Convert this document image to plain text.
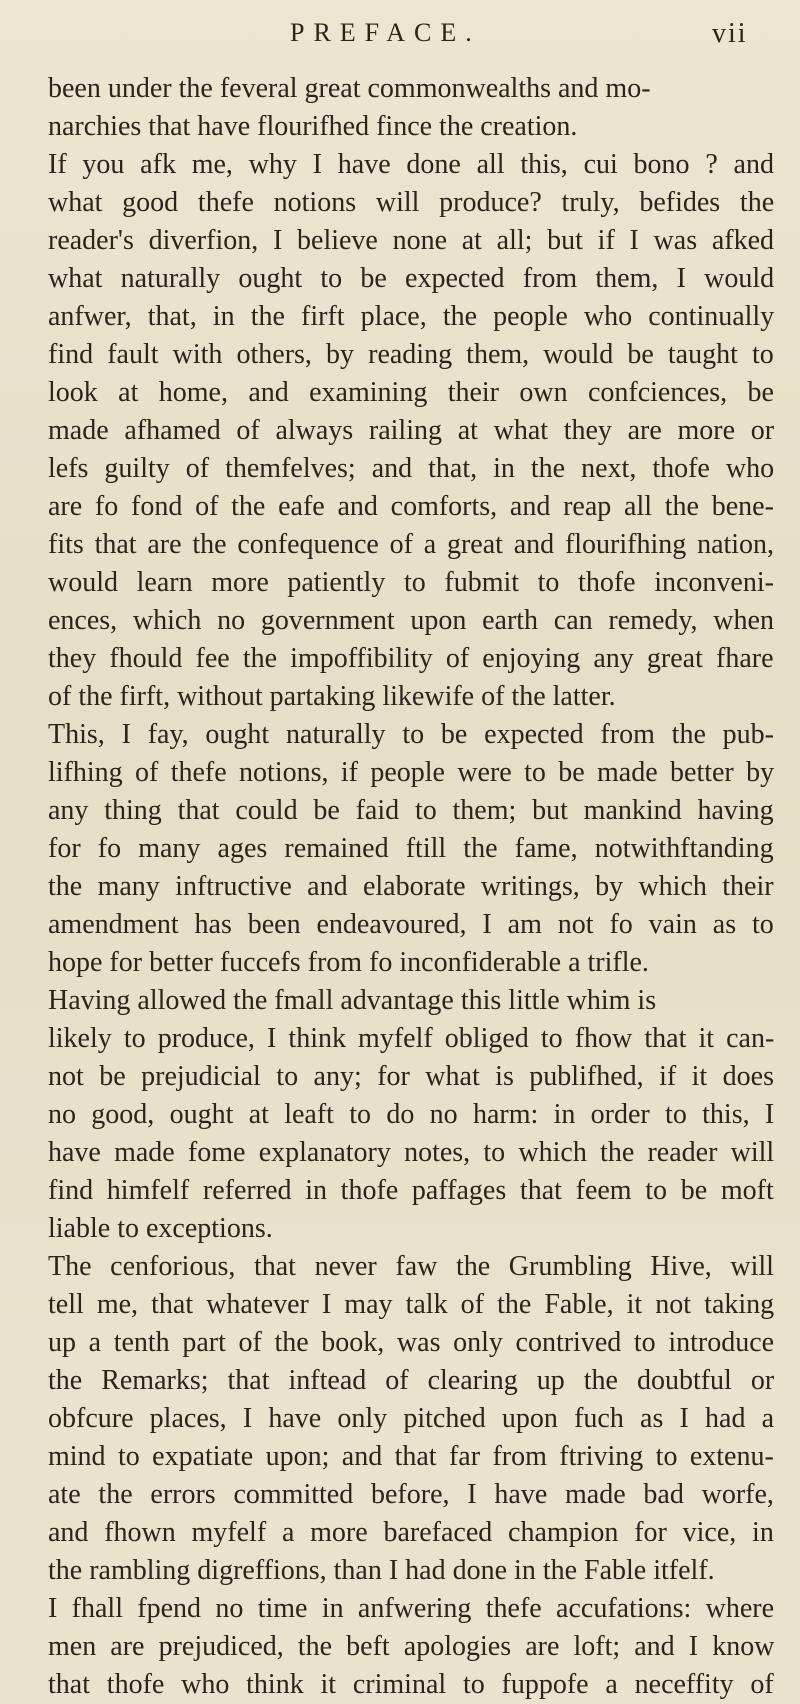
PREFACE.	vii
been under the feveral great commonwealths and mo-
narchies that have flourifhed fince the creation.
If you afk me, why I have done all this, cui bono ? and
what good thefe notions will produce? truly, befides the
reader's diverfion, I believe none at all; but if I was afked
what naturally ought to be expected from them, I would
anfwer, that, in the firft place, the people who continually
find fault with others, by reading them, would be taught to
look at home, and examining their own confciences, be
made afhamed of always railing at what they are more or
lefs guilty of themfelves; and that, in the next, thofe who
are fo fond of the eafe and comforts, and reap all the bene-
fits that are the confequence of a great and flourifhing nation,
would learn more patiently to fubmit to thofe inconveni-
ences, which no government upon earth can remedy, when
they fhould fee the impoffibility of enjoying any great fhare
of the firft, without partaking likewife of the latter.
This, I fay, ought naturally to be expected from the pub-
lifhing of thefe notions, if people were to be made better by
any thing that could be faid to them; but mankind having
for fo many ages remained ftill the fame, notwithftanding
the many inftructive and elaborate writings, by which their
amendment has been endeavoured, I am not fo vain as to
hope for better fuccefs from fo inconfiderable a trifle.
Having allowed the fmall advantage this little whim is
likely to produce, I think myfelf obliged to fhow that it can-
not be prejudicial to any; for what is publifhed, if it does
no good, ought at leaft to do no harm: in order to this, I
have made fome explanatory notes, to which the reader will
find himfelf referred in thofe paffages that feem to be moft
liable to exceptions.
The cenforious, that never faw the Grumbling Hive, will
tell me, that whatever I may talk of the Fable, it not taking
up a tenth part of the book, was only contrived to introduce
the Remarks; that inftead of clearing up the doubtful or
obfcure places, I have only pitched upon fuch as I had a
mind to expatiate upon; and that far from ftriving to extenu-
ate the errors committed before, I have made bad worfe,
and fhown myfelf a more barefaced champion for vice, in
the rambling digreffions, than I had done in the Fable itfelf.
I fhall fpend no time in anfwering thefe accufations: where
men are prejudiced, the beft apologies are loft; and I know
that thofe who think it criminal to fuppofe a neceffity of
